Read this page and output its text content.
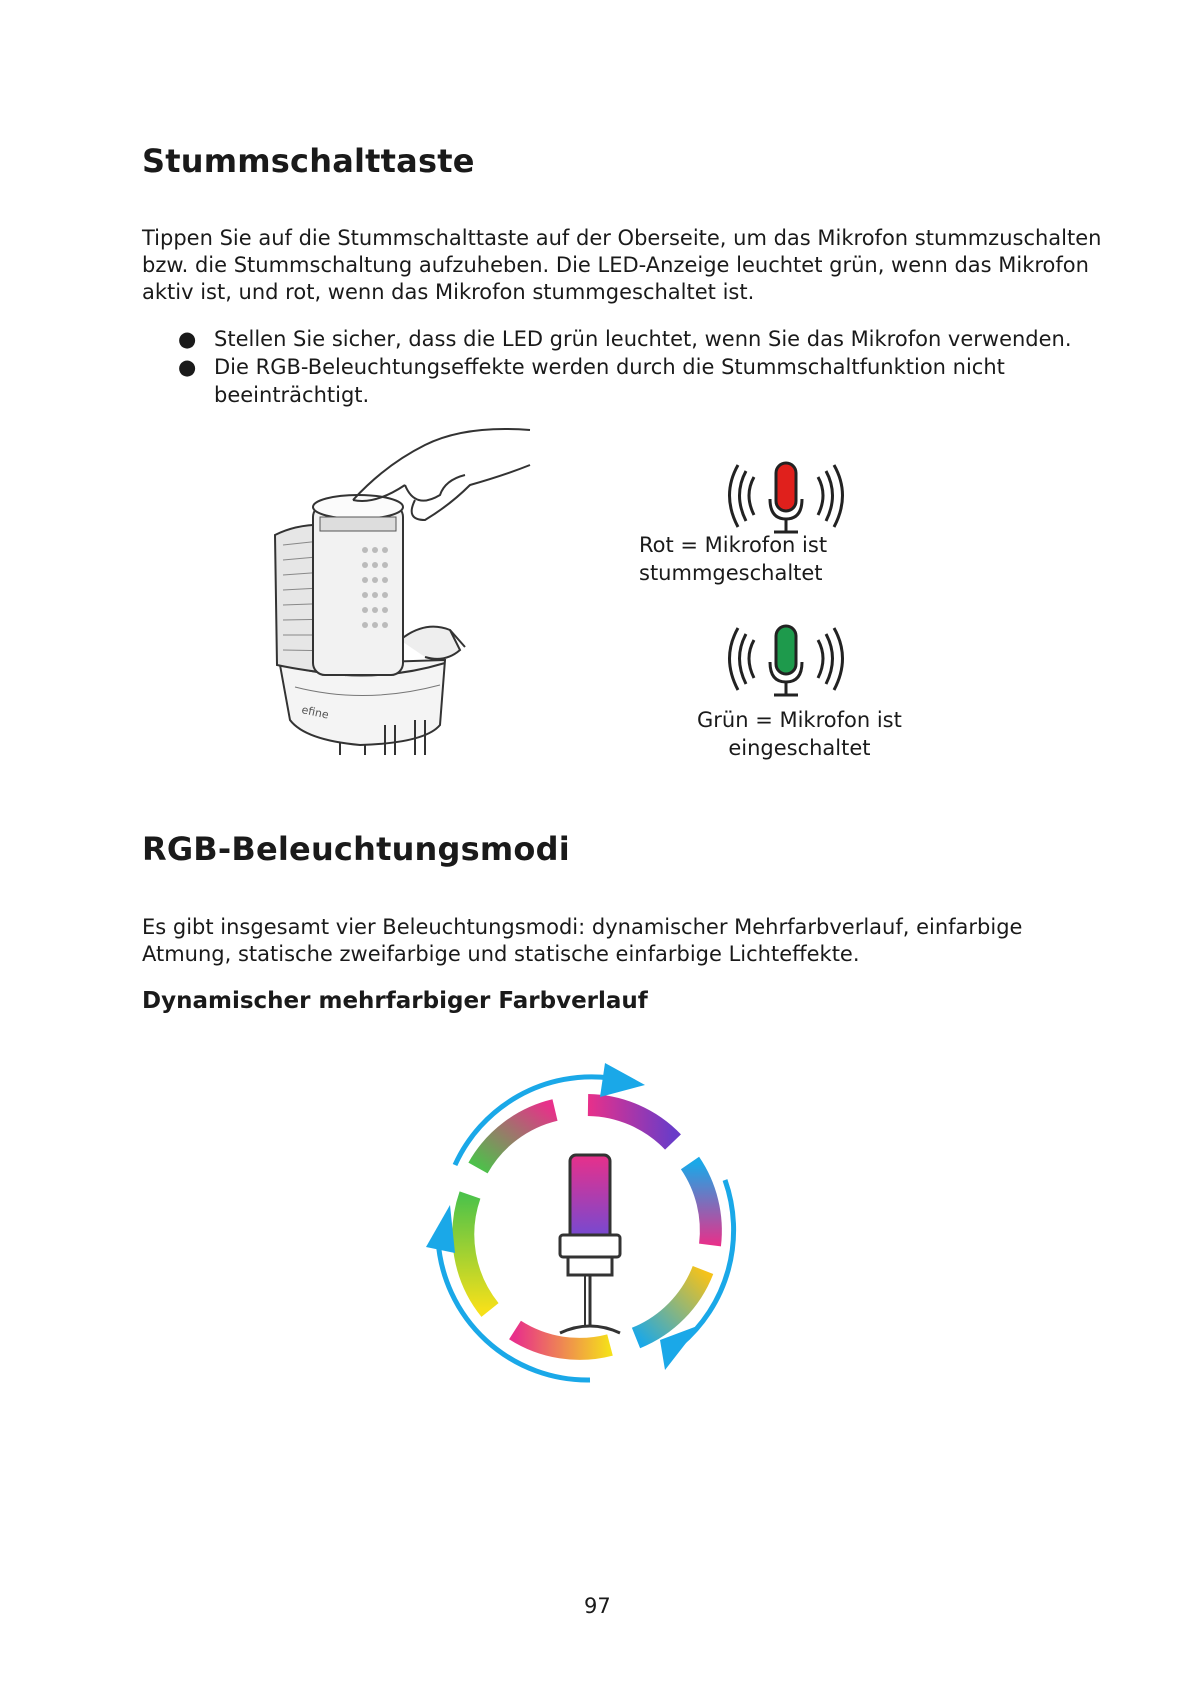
Stummschalttaste

Tippen Sie auf die Stummschalttaste auf der Oberseite, um das Mikrofon stummzuschalten

bzw. die Stummschaltung aufzuheben. Die LED-Anzeige leuchtet grün, wenn das Mikrofon

aktiv ist, und rot, wenn das Mikrofon stummgeschaltet ist.

● Stellen Sie sicher, dass die LED grün leuchtet, wenn Sie das Mikrofon verwenden.
● Die RGB-Beleuchtungseffekte werden durch die Stummschaltfunktion nicht
beeinträchtigt.
efine
Rot = Mikrofon ist
stummgeschaltet
Grün = Mikrofon ist
eingeschaltet
RGB-Beleuchtungsmodi

Es gibt insgesamt vier Beleuchtungsmodi: dynamischer Mehrfarbverlauf, einfarbige

Atmung, statische zweifarbige und statische einfarbige Lichteffekte.

Dynamischer mehrfarbiger Farbverlauf
97
